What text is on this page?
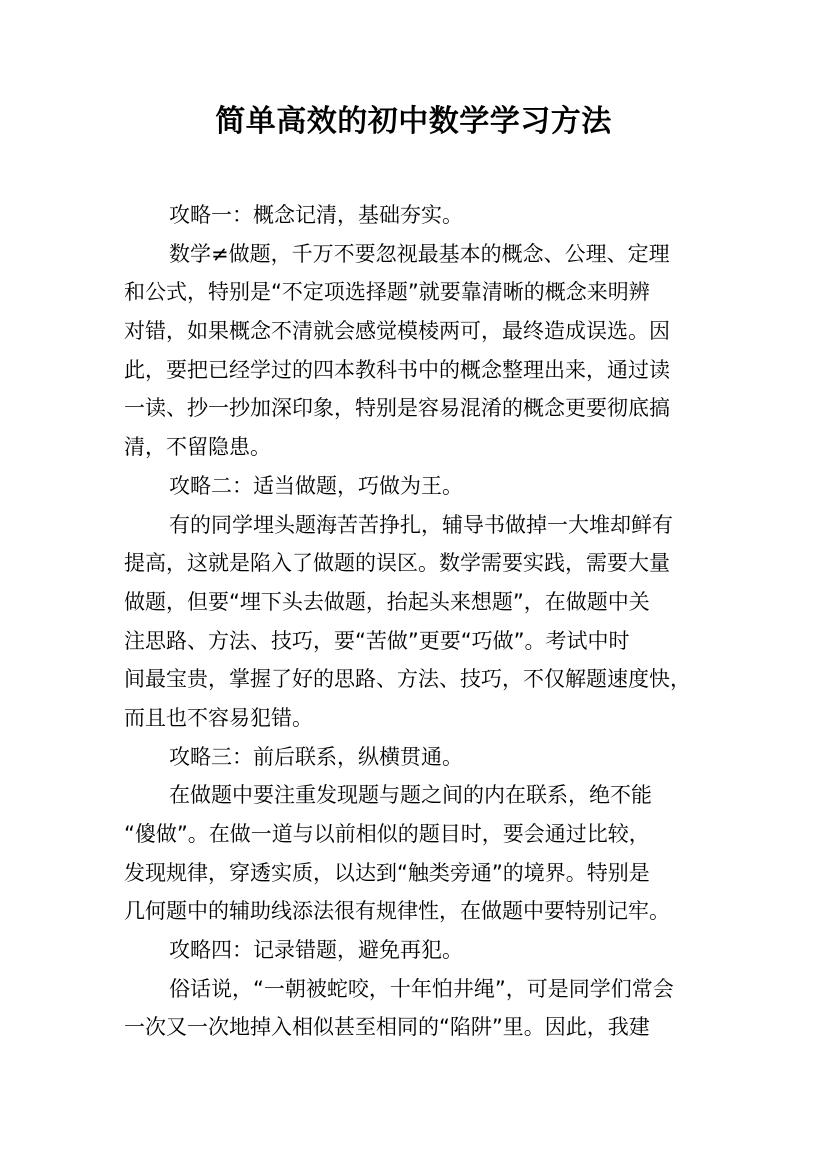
简单高效的初中数学学习方法
攻略一：概念记清，基础夯实。
数学≠做题，千万不要忽视最基本的概念、公理、定理
和公式，特别是“不定项选择题”就要靠清晰的概念来明辨
对错，如果概念不清就会感觉模棱两可，最终造成误选。因
此，要把已经学过的四本教科书中的概念整理出来，通过读
一读、抄一抄加深印象，特别是容易混淆的概念更要彻底搞
清，不留隐患。
攻略二：适当做题，巧做为王。
有的同学埋头题海苦苦挣扎，辅导书做掉一大堆却鲜有
提高，这就是陷入了做题的误区。数学需要实践，需要大量
做题，但要“埋下头去做题，抬起头来想题”，在做题中关
注思路、方法、技巧，要“苦做”更要“巧做”。考试中时
间最宝贵，掌握了好的思路、方法、技巧，不仅解题速度快，
而且也不容易犯错。
攻略三：前后联系，纵横贯通。
在做题中要注重发现题与题之间的内在联系，绝不能
“傻做”。在做一道与以前相似的题目时，要会通过比较，
发现规律，穿透实质，以达到“触类旁通”的境界。特别是
几何题中的辅助线添法很有规律性，在做题中要特别记牢。
攻略四：记录错题，避免再犯。
俗话说，“一朝被蛇咬，十年怕井绳”，可是同学们常会
一次又一次地掉入相似甚至相同的“陷阱”里。因此，我建
